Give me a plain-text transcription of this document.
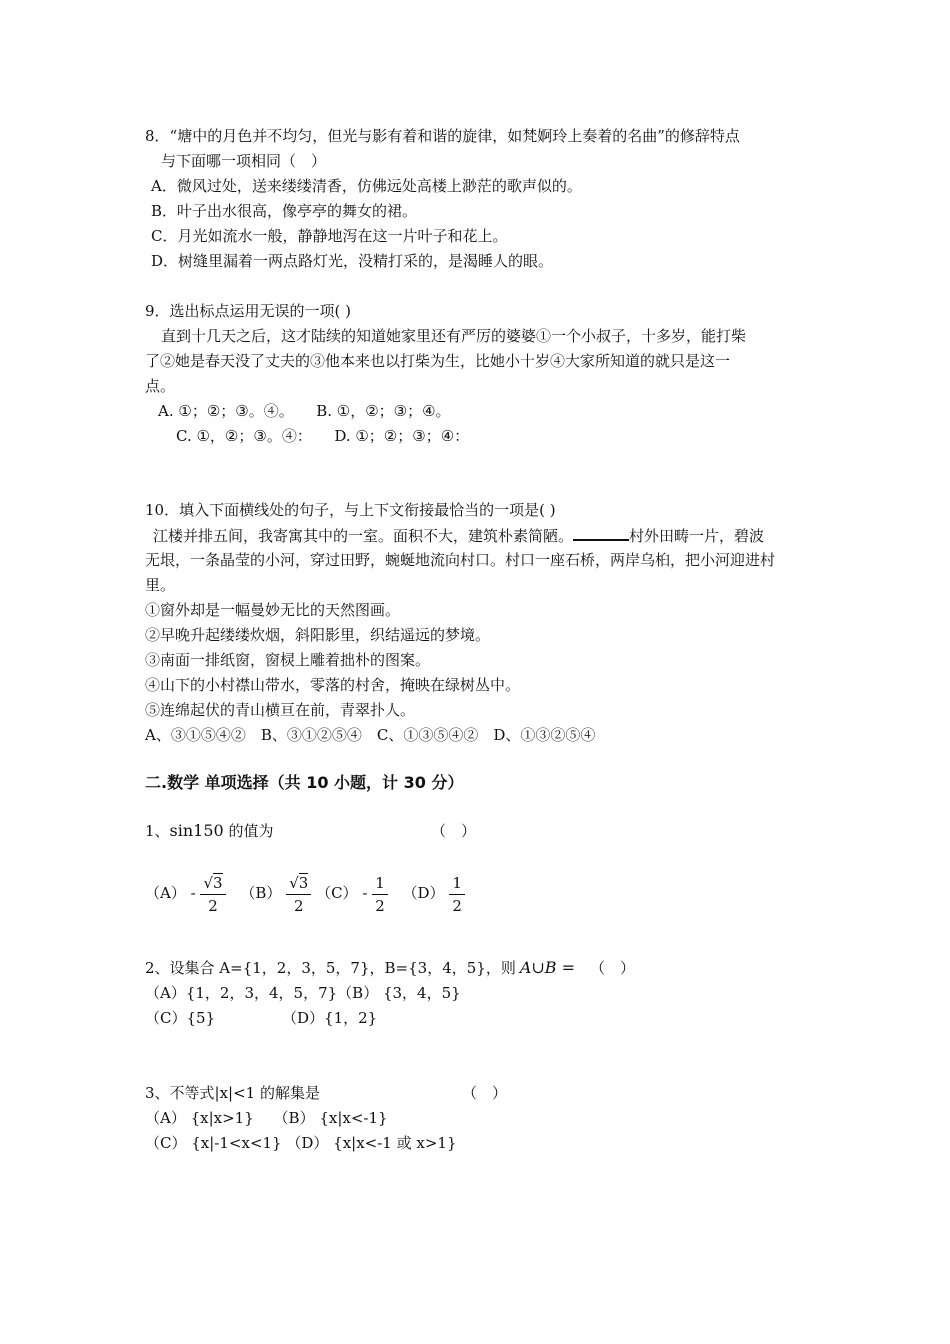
8．“塘中的月色并不均匀，但光与影有着和谐的旋律，如梵婀玲上奏着的名曲”的修辞特点
与下面哪一项相同（　）
A．微风过处，送来缕缕清香，仿佛远处高楼上渺茫的歌声似的。
B．叶子出水很高，像亭亭的舞女的裙。
C．月光如流水一般，静静地泻在这一片叶子和花上。
D．树缝里漏着一两点路灯光，没精打采的，是渴睡人的眼。
9．选出标点运用无误的一项( )
直到十几天之后，这才陆续的知道她家里还有严厉的婆婆①一个小叔子，十多岁，能打柴
了②她是春天没了丈夫的③他本来也以打柴为生，比她小十岁④大家所知道的就只是这一
点。
A. ①；②；③。④。　　B. ①，②；③；④。
C. ①，②；③。④：　　D. ①；②；③；④：
10．填入下面横线处的句子，与上下文衔接最恰当的一项是( )
江楼并排五间，我寄寓其中的一室。面积不大，建筑朴素简陋。	村外田畴一片，碧波
无垠，一条晶莹的小河，穿过田野，蜿蜒地流向村口。村口一座石桥，两岸乌桕，把小河迎进村
里。
①窗外却是一幅曼妙无比的天然图画。
②早晚升起缕缕炊烟，斜阳影里，织结遥远的梦境。
③南面一排纸窗，窗棂上雕着拙朴的图案。
④山下的小村襟山带水，零落的村舍，掩映在绿树丛中。
⑤连绵起伏的青山横亘在前，青翠扑人。
A、③①⑤④②　B、③①②⑤④　C、①③⑤④②　D、①③②⑤④
二.数学 单项选择（共 10 小题，计 30 分）
1、sin150 的值为	（　）
$(A) - \frac{√3}{2} (B) \frac{√3}{2} (C) - \frac{1}{2} (D) \frac{1}{2}$
2、设集合 A={1，2，3，5，7}，B={3，4，5}，则 A∪B = （　）
（A）{1，2，3，4，5，7}（B） {3，4，5}
（C）{5}	（D）{1，2}
3、不等式|x|<1 的解集是	（　）
（A） {x|x>1}　 （B） {x|x<-1}
（C） {x|-1<x<1} （D） {x|x<-1 或 x>1}
